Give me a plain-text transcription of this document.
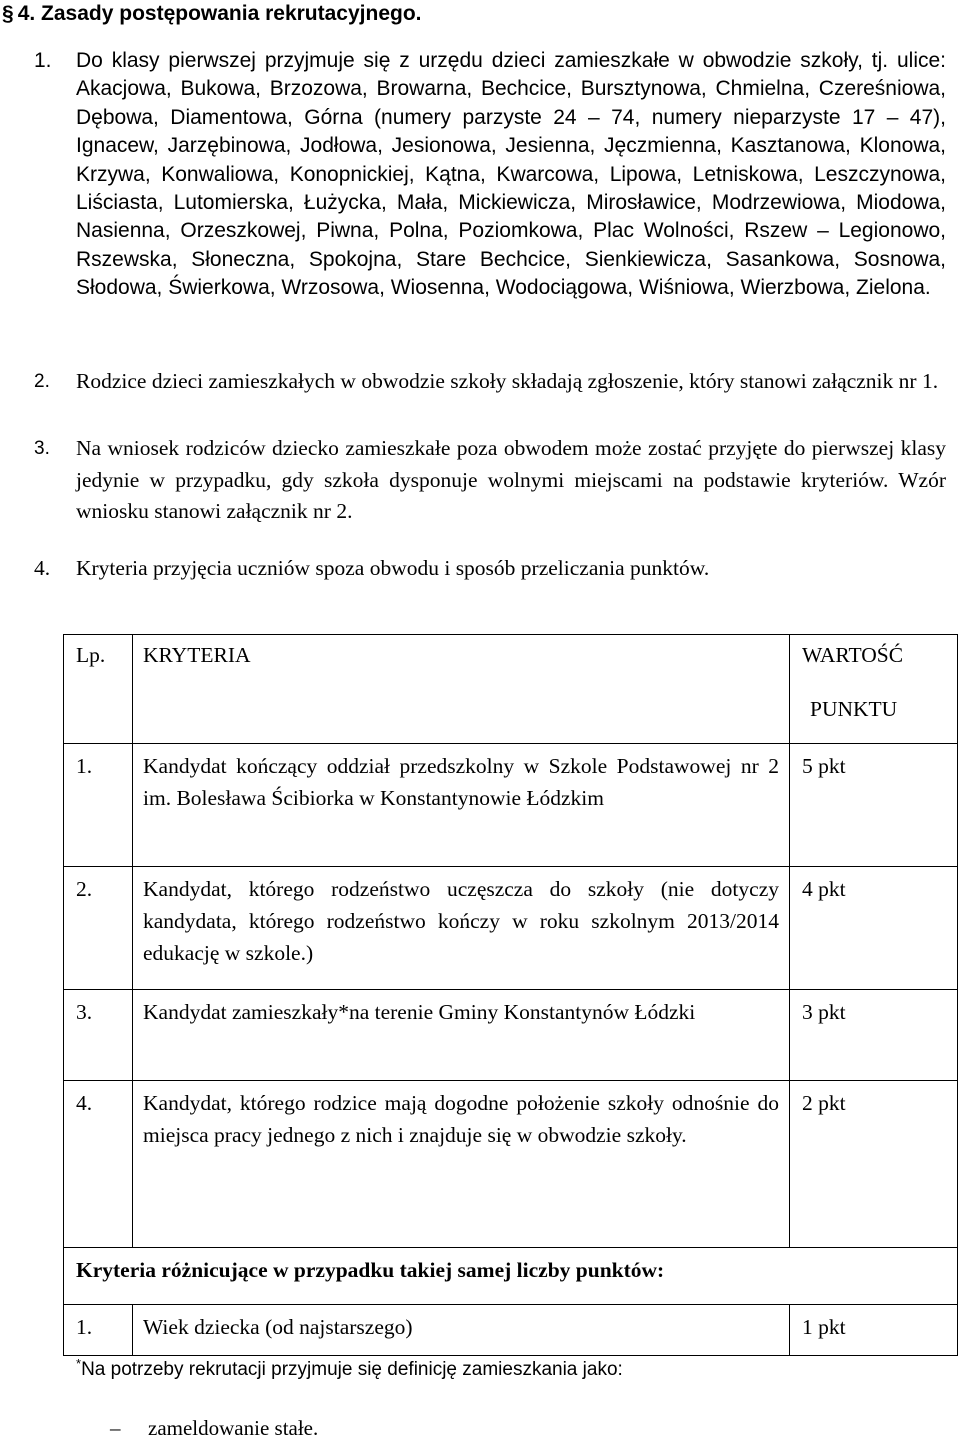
§ 4. Zasady postępowania rekrutacyjnego.
1. Do klasy pierwszej przyjmuje się z urzędu dzieci zamieszkałe w obwodzie szkoły, tj. ulice: Akacjowa, Bukowa, Brzozowa, Browarna, Bechcice, Bursztynowa, Chmielna, Czereśniowa, Dębowa, Diamentowa, Górna (numery parzyste 24 – 74, numery nieparzyste 17 – 47), Ignacew, Jarzębinowa, Jodłowa, Jesionowa, Jesienna, Jęczmienna, Kasztanowa, Klonowa, Krzywa, Konwaliowa, Konopnickiej, Kątna, Kwarcowa, Lipowa, Letniskowa, Leszczynowa, Liściasta, Lutomierska, Łużycka, Mała, Mickiewicza, Mirosławice, Modrzewiowa, Miodowa, Nasienna, Orzeszkowej, Piwna, Polna, Poziomkowa, Plac Wolności, Rszew – Legionowo, Rszewska, Słoneczna, Spokojna, Stare Bechcice, Sienkiewicza, Sasankowa, Sosnowa, Słodowa, Świerkowa, Wrzosowa, Wiosenna, Wodociągowa, Wiśniowa, Wierzbowa, Zielona.
2. Rodzice dzieci zamieszkałych w obwodzie szkoły składają zgłoszenie, który stanowi załącznik nr 1.
3. Na wniosek rodziców dziecko zamieszkałe poza obwodem może zostać przyjęte do pierwszej klasy jedynie w przypadku, gdy szkoła dysponuje wolnymi miejscami na podstawie kryteriów. Wzór wniosku stanowi załącznik nr 2.
4. Kryteria przyjęcia uczniów spoza obwodu i sposób przeliczania punktów.
Lp.	KRYTERIA	WARTOŚĆ
PUNKTU

1.	Kandydat kończący oddział przedszkolny w Szkole Podstawowej nr 2 im. Bolesława Ścibiorka w Konstantynowie Łódzkim	5 pkt
2.	Kandydat, którego rodzeństwo uczęszcza do szkoły (nie dotyczy kandydata, którego rodzeństwo kończy w roku szkolnym 2013/2014 edukację w szkole.)	4 pkt
3.	Kandydat zamieszkały*na terenie Gminy Konstantynów Łódzki	3 pkt
4.	Kandydat, którego rodzice mają dogodne położenie szkoły odnośnie do miejsca pracy jednego z nich i znajduje się w obwodzie szkoły.	2 pkt
Kryteria różnicujące w przypadku takiej samej liczby punktów:		
1.	Wiek dziecka (od najstarszego)	1 pkt
*Na potrzeby rekrutacji przyjmuje się definicję zamieszkania jako:
– zameldowanie stałe.
